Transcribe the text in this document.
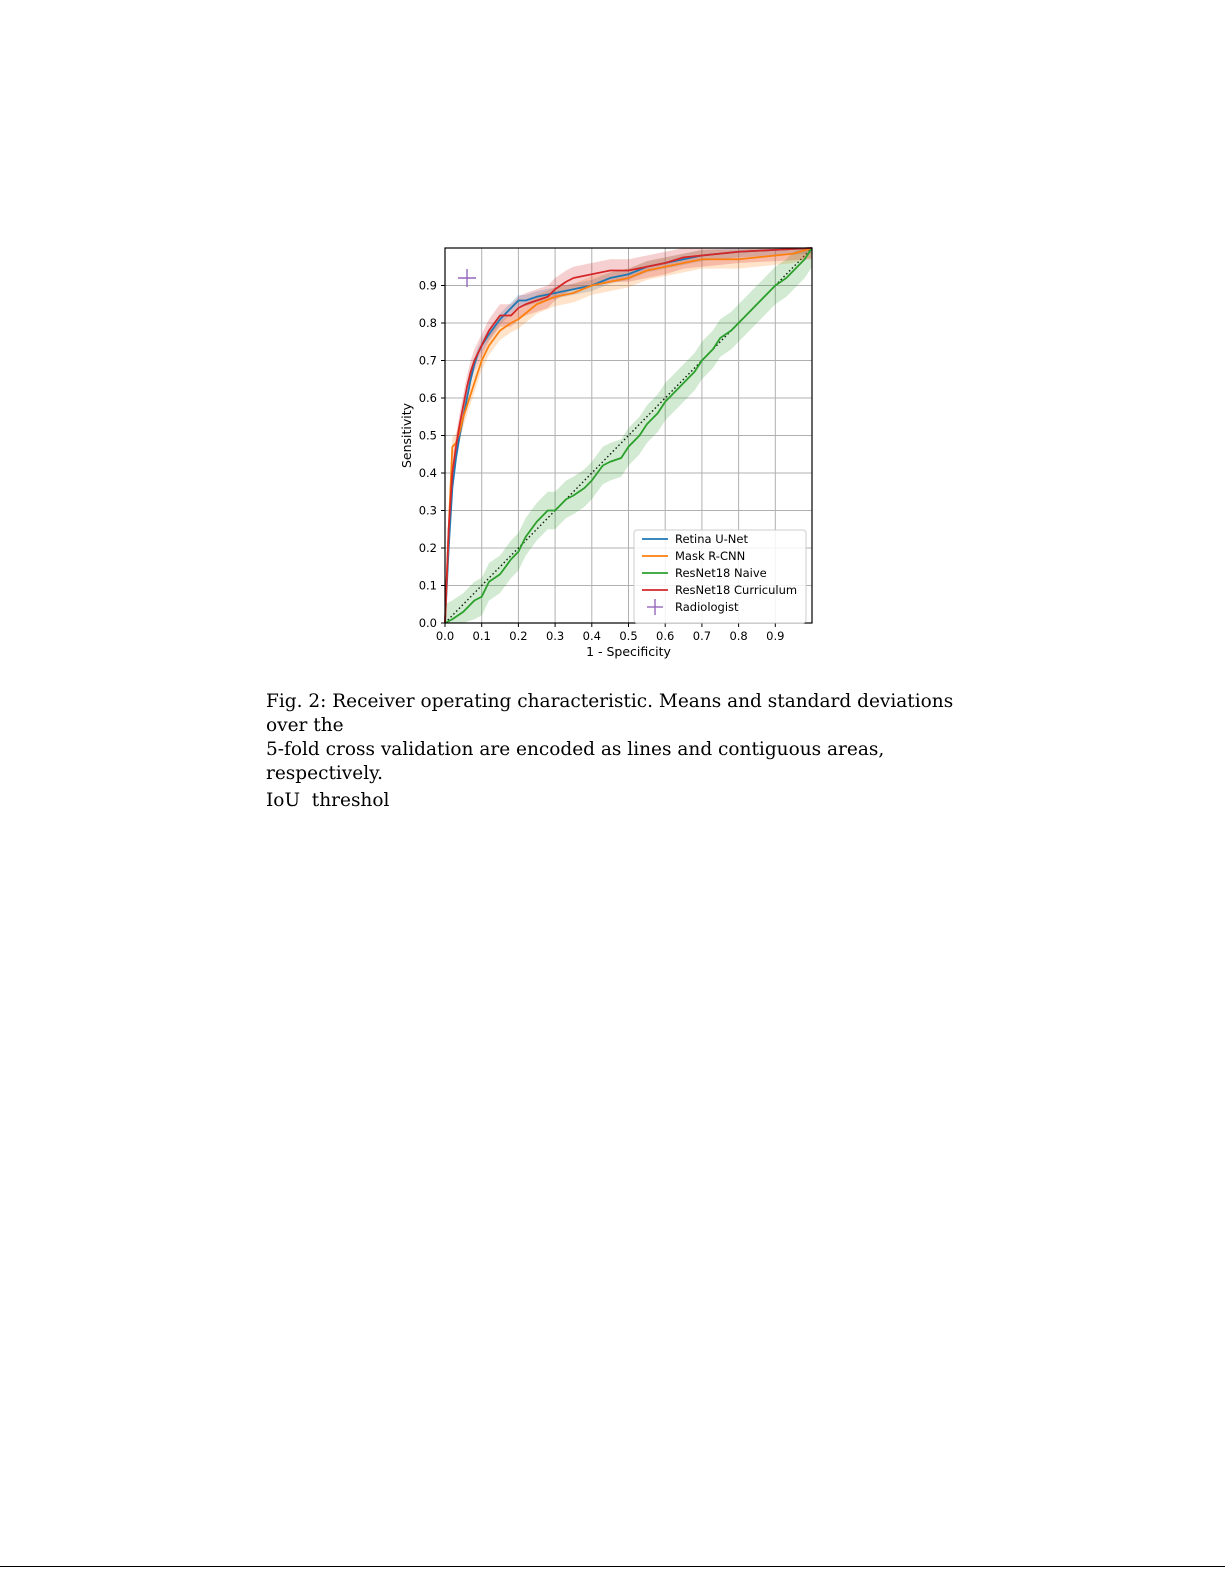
0.0 0.1 0.2 0.3 0.4 0.5 0.6 0.7 0.8 0.9
0.0
0.1
0.2
0.3
0.4
0.5
0.6
0.7
0.8
0.9
1 - Specificity
Sensitivity
Retina U-Net
Mask R-CNN
ResNet18 Naive
ResNet18 Curriculum
Radiologist

Fig. 2: Receiver operating characteristic. Means and standard deviations over the

5-fold cross validation are encoded as lines and contiguous areas, respectively.

IoU  threshol
